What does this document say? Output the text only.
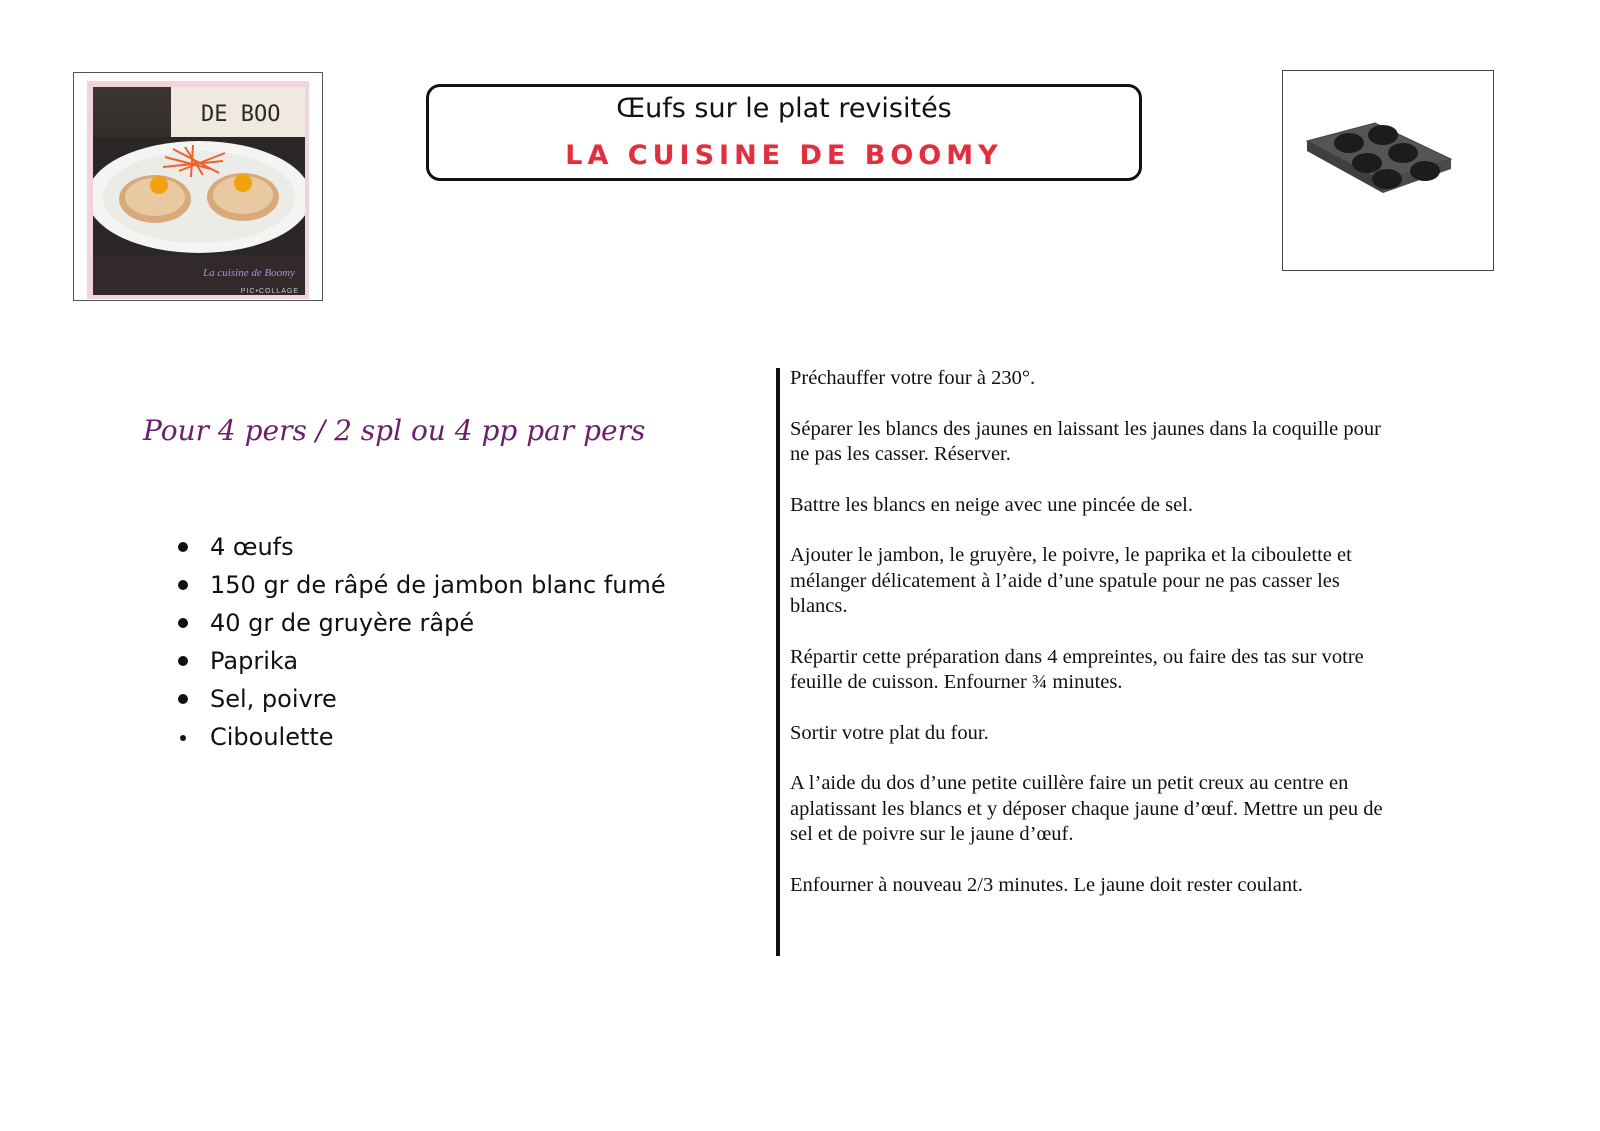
DE BOO
La cuisine de Boomy
PIC•COLLAGE
Œufs sur le plat revisités
LA CUISINE DE BOOMY
Pour 4 pers / 2 spl ou 4 pp par pers
4 œufs
150 gr de râpé de jambon blanc fumé
40 gr de gruyère râpé
Paprika
Sel, poivre
Ciboulette

Préchauffer votre four à 230°.

Séparer les blancs des jaunes en laissant les jaunes dans la coquille pour ne pas les casser. Réserver.

Battre les blancs en neige avec une pincée de sel.

Ajouter le jambon, le gruyère, le poivre, le paprika et la ciboulette et mélanger délicatement à l’aide d’une spatule pour ne pas casser les blancs.

Répartir cette préparation dans 4 empreintes, ou faire des tas sur votre feuille de cuisson. Enfourner ¾ minutes.

Sortir votre plat du four.

A l’aide du dos d’une petite cuillère faire un petit creux au centre en aplatissant les blancs et y déposer chaque jaune d’œuf. Mettre un peu de sel et de poivre sur le jaune d’œuf.

Enfourner à nouveau 2/3 minutes. Le jaune doit rester coulant.
